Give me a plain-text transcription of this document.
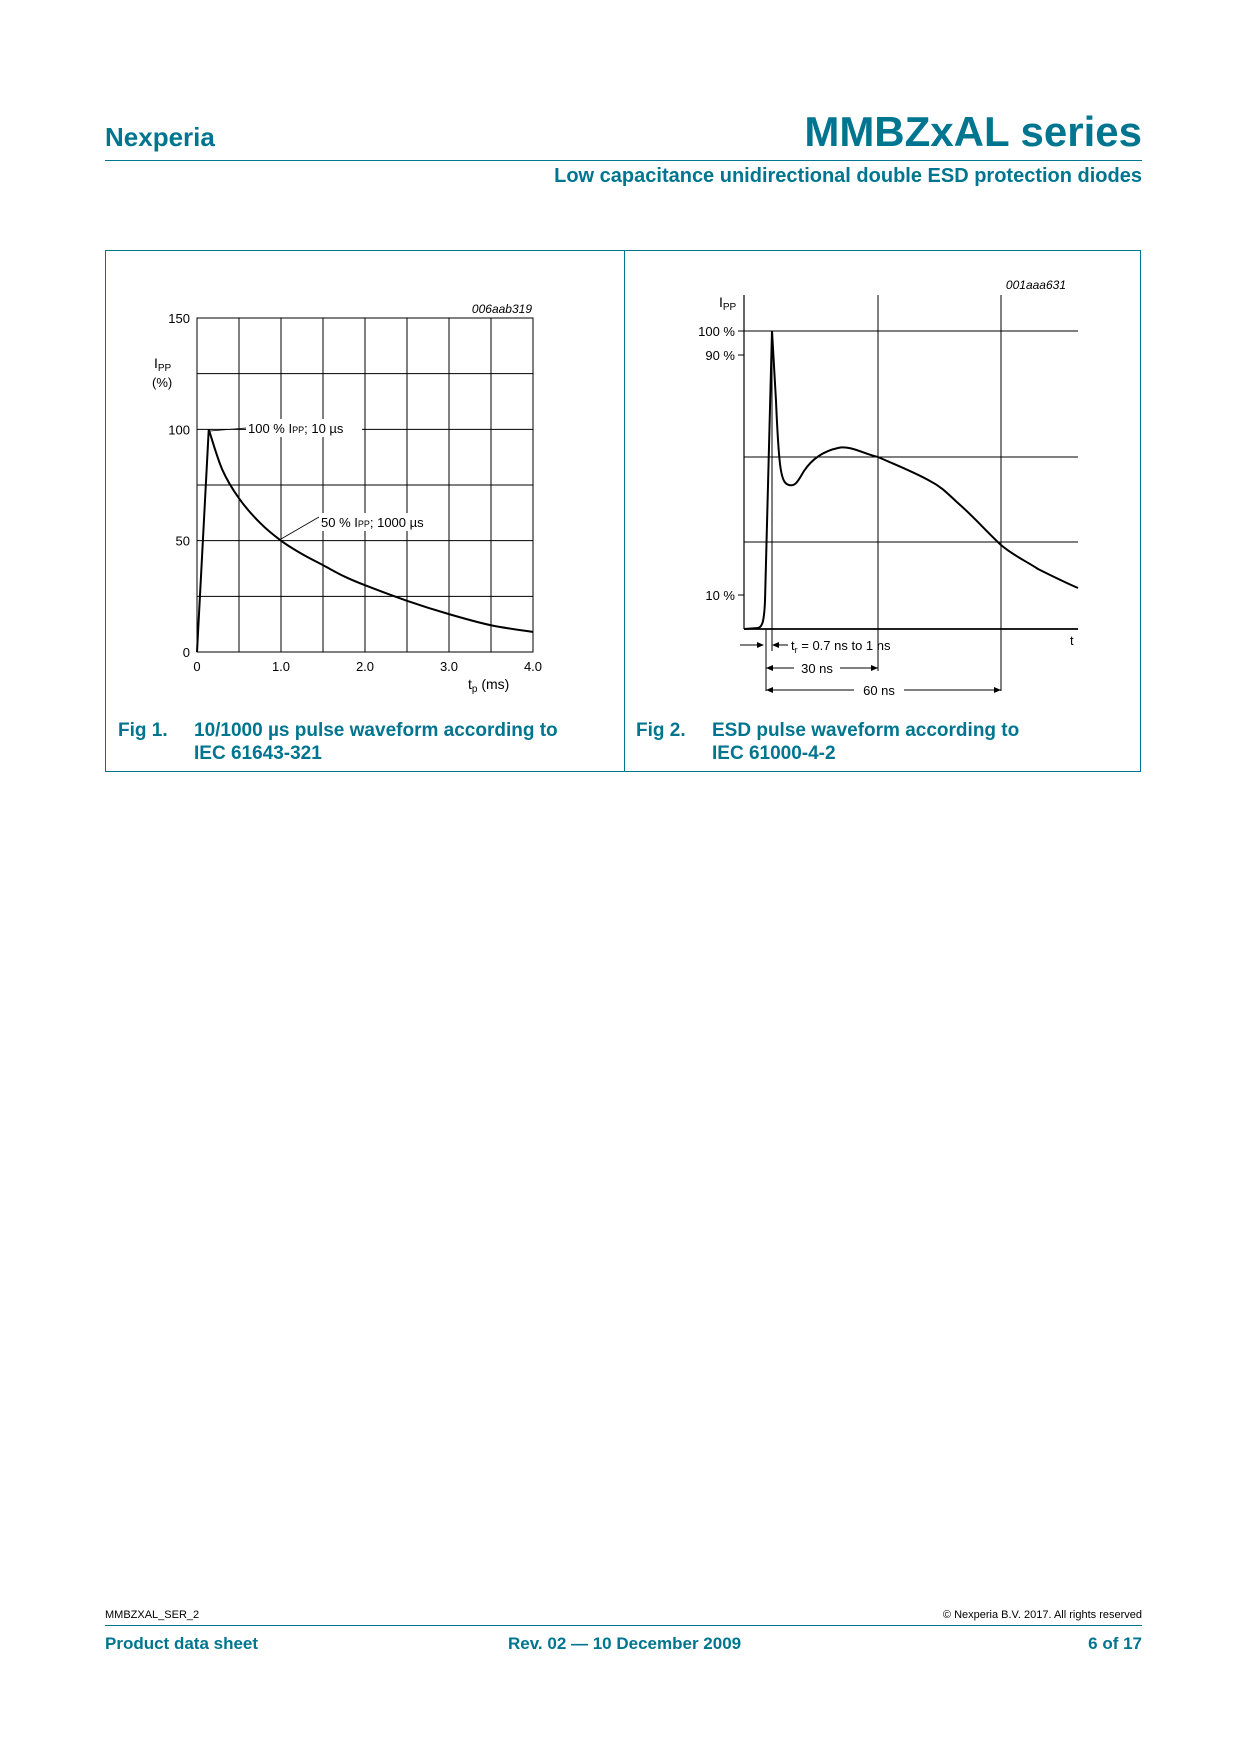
Nexperia	MMBZxAL series
Low capacitance unidirectional double ESD protection diodes
006aab319
0
50
100
150
0	1.0	2.0	3.0	4.0
$I_{PP}$
(%)
$t_p$ (ms)
100 % IPP; 10 µs
50 % IPP; 1000 µs
001aaa631
100 %
90 %
10 %
$I_{PP}$
t
$t_r = 0.7$ ns to 1 ns
30 ns
60 ns
Fig 1. 10/1000 µs pulse waveform according to
IEC 61643-321
Fig 2. ESD pulse waveform according to
IEC 61000-4-2
MMBZXAL_SER_2	© Nexperia B.V. 2017. All rights reserved
Product data sheet	Rev. 02 — 10 December 2009	6 of 17
